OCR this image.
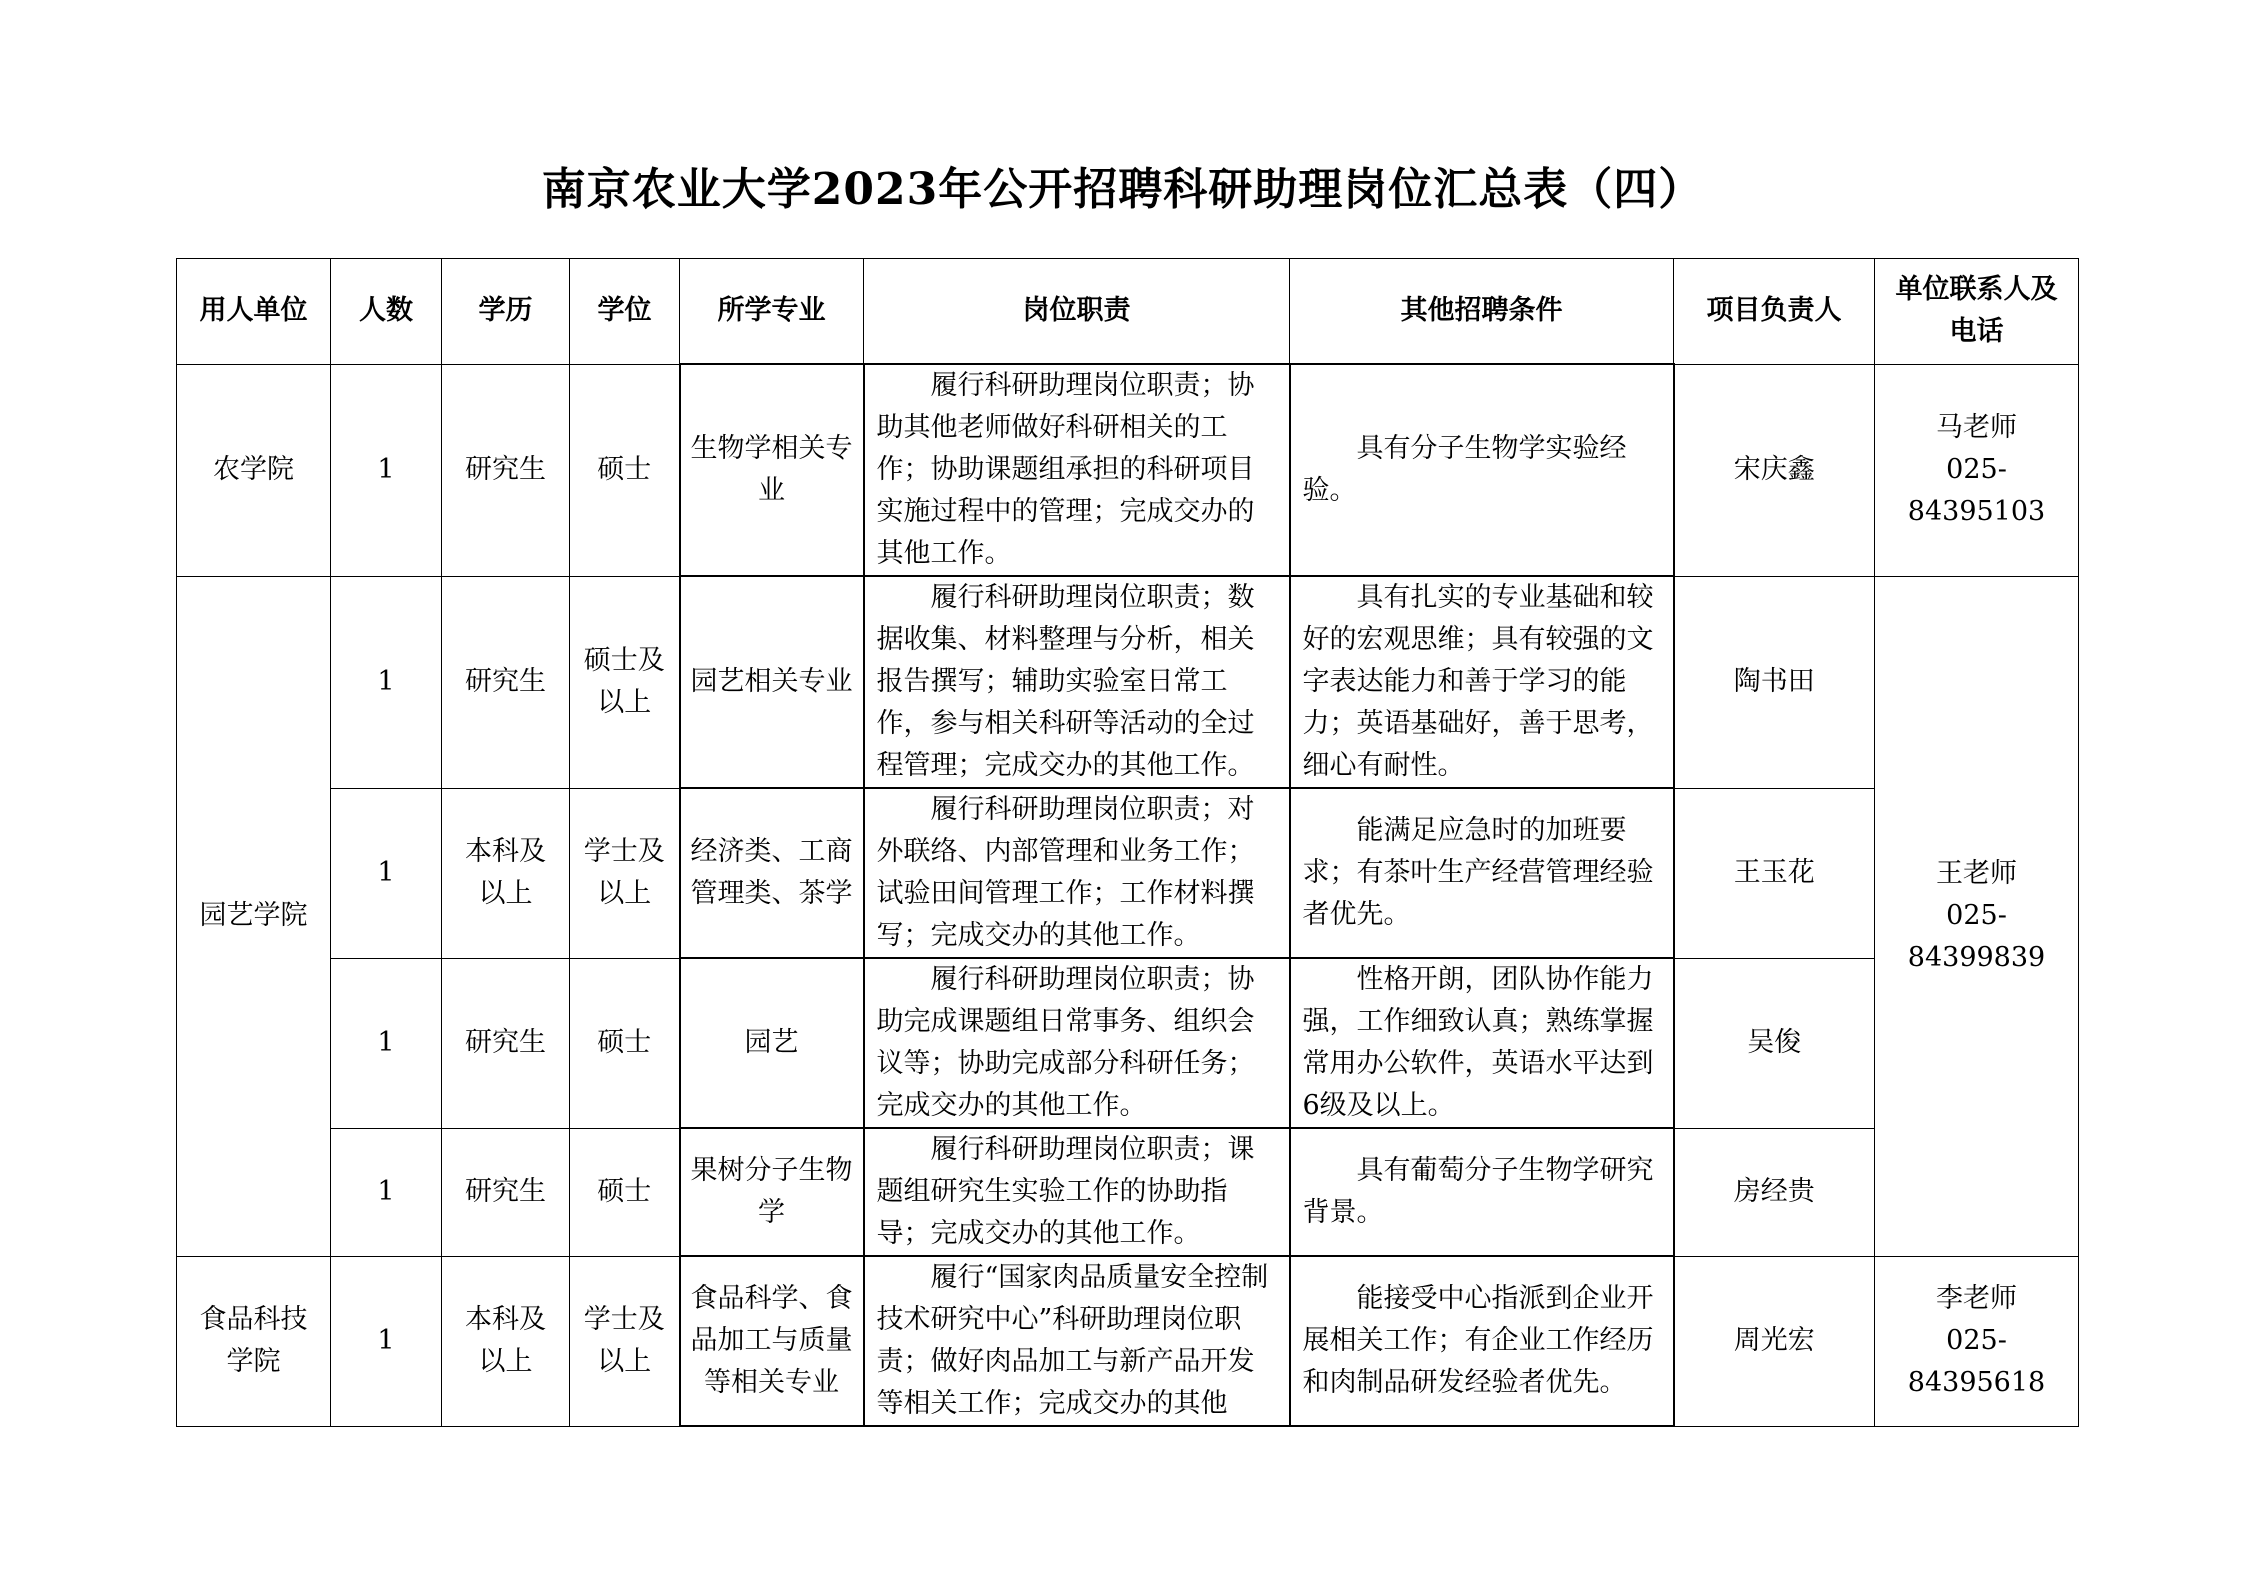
南京农业大学2023年公开招聘科研助理岗位汇总表（四）
用人单位	人数	学历	学位	所学专业	岗位职责	其他招聘条件	项目负责人	单位联系人及电话
农学院	1	研究生	硕士	生物学相关专业	履行科研助理岗位职责；协助其他老师做好科研相关的工作；协助课题组承担的科研项目实施过程中的管理；完成交办的其他工作。	具有分子生物学实验经验。	宋庆鑫	马老师
025-84395103

园艺学院	1	研究生	硕士及以上	园艺相关专业	履行科研助理岗位职责；数据收集、材料整理与分析，相关报告撰写；辅助实验室日常工作，参与相关科研等活动的全过程管理；完成交办的其他工作。	具有扎实的专业基础和较好的宏观思维；具有较强的文字表达能力和善于学习的能力；英语基础好，善于思考，细心有耐性。	陶书田	王老师
025-84399839

	1	本科及以上	学士及以上	经济类、工商管理类、茶学	履行科研助理岗位职责；对外联络、内部管理和业务工作；试验田间管理工作；工作材料撰写；完成交办的其他工作。	能满足应急时的加班要求；有茶叶生产经营管理经验者优先。	王玉花	
	1	研究生	硕士	园艺	履行科研助理岗位职责；协助完成课题组日常事务、组织会议等；协助完成部分科研任务；完成交办的其他工作。	性格开朗，团队协作能力强，工作细致认真；熟练掌握常用办公软件，英语水平达到6级及以上。	吴俊	
	1	研究生	硕士	果树分子生物学	履行科研助理岗位职责；课题组研究生实验工作的协助指导；完成交办的其他工作。	具有葡萄分子生物学研究背景。	房经贵	
食品科技学院	1	本科及以上	学士及以上	食品科学、食品加工与质量等相关专业	履行“国家肉品质量安全控制技术研究中心”科研助理岗位职责；做好肉品加工与新产品开发等相关工作；完成交办的其他	能接受中心指派到企业开展相关工作；有企业工作经历和肉制品研发经验者优先。	周光宏	李老师
025-84395618
